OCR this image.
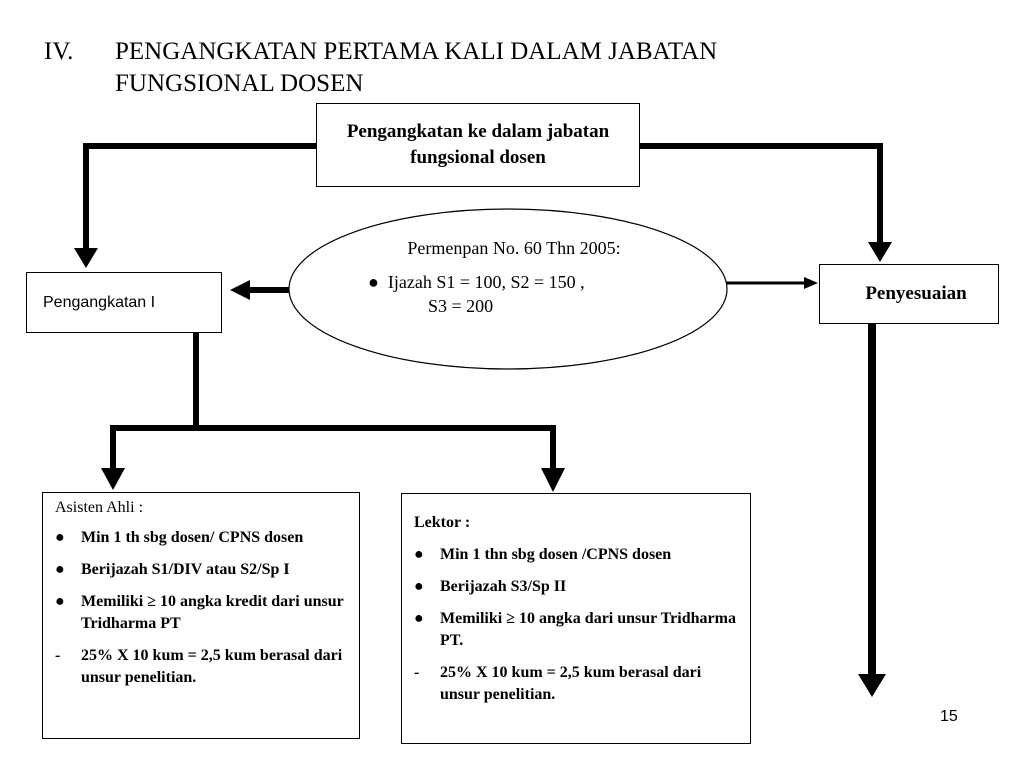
IV. PENGANGKATAN PERTAMA KALI DALAM JABATAN FUNGSIONAL DOSEN
Pengangkatan ke dalam jabatan fungsional dosen
Pengangkatan I	Penyesuaian
Permenpan No. 60 Thn 2005:
● Ijazah S1 = 100, S2 = 150 ,
S3 = 200
Asisten Ahli :
●	Min 1 th sbg dosen/ CPNS dosen
●	Berijazah S1/DIV atau S2/Sp I
●	Memiliki ≥ 10 angka kredit dari unsur Tridharma PT
-	25% X 10 kum = 2,5 kum berasal dari unsur penelitian.
Lektor :
●	Min 1 thn sbg dosen /CPNS dosen
●	Berijazah S3/Sp II
●	Memiliki ≥ 10 angka dari unsur Tridharma PT.
-	25% X 10 kum = 2,5 kum berasal dari unsur penelitian.
15
